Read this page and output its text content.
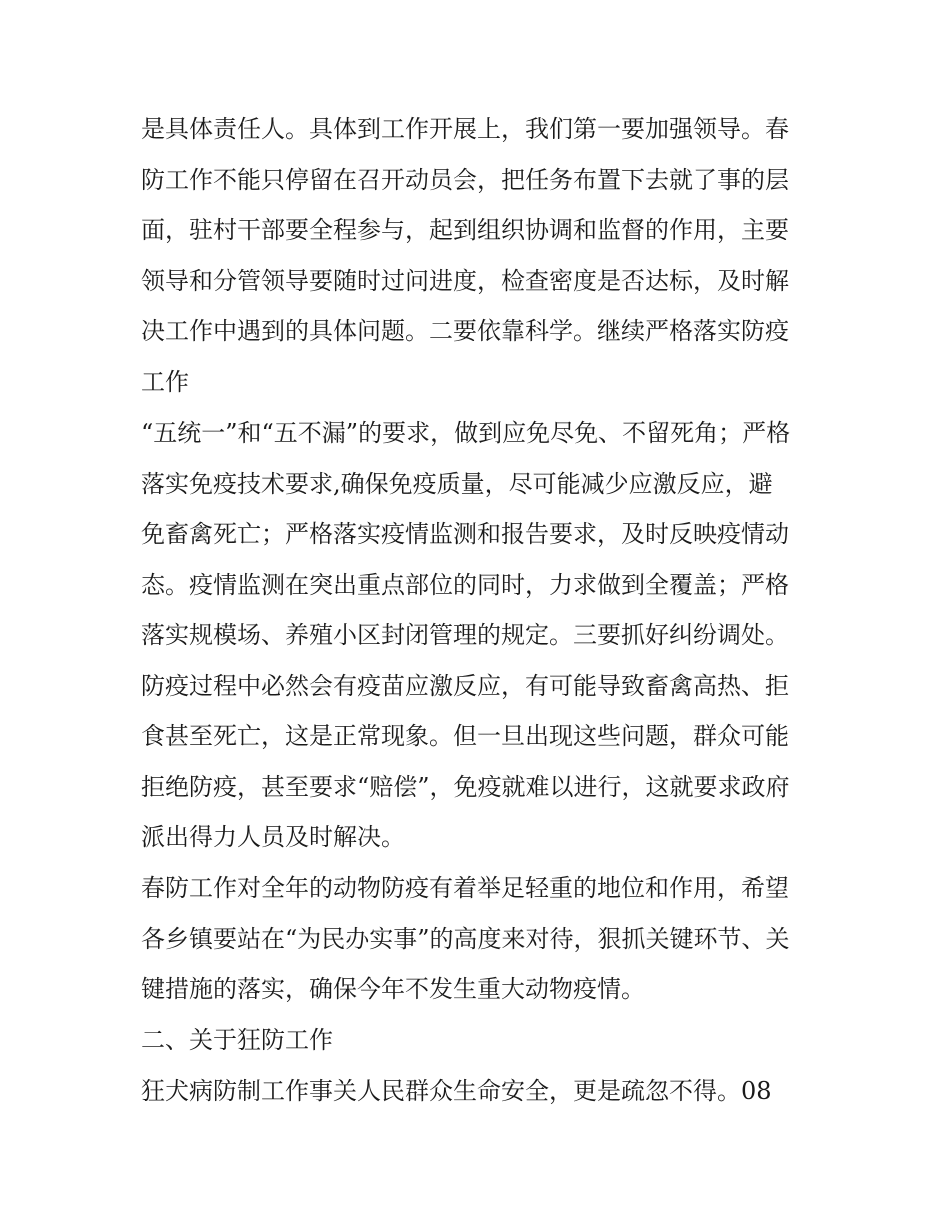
是具体责任人。具体到工作开展上，我们第一要加强领导。春
防工作不能只停留在召开动员会，把任务布置下去就了事的层
面，驻村干部要全程参与，起到组织协调和监督的作用，主要
领导和分管领导要随时过问进度，检查密度是否达标，及时解
决工作中遇到的具体问题。二要依靠科学。继续严格落实防疫
工作
“五统一”和“五不漏”的要求，做到应免尽免、不留死角；严格
落实免疫技术要求,确保免疫质量，尽可能减少应激反应，避
免畜禽死亡；严格落实疫情监测和报告要求，及时反映疫情动
态。疫情监测在突出重点部位的同时，力求做到全覆盖；严格
落实规模场、养殖小区封闭管理的规定。三要抓好纠纷调处。
防疫过程中必然会有疫苗应激反应，有可能导致畜禽高热、拒
食甚至死亡，这是正常现象。但一旦出现这些问题，群众可能
拒绝防疫，甚至要求“赔偿”，免疫就难以进行，这就要求政府
派出得力人员及时解决。
春防工作对全年的动物防疫有着举足轻重的地位和作用，希望
各乡镇要站在“为民办实事”的高度来对待，狠抓关键环节、关
键措施的落实，确保今年不发生重大动物疫情。
二、关于狂防工作
狂犬病防制工作事关人民群众生命安全，更是疏忽不得。08
